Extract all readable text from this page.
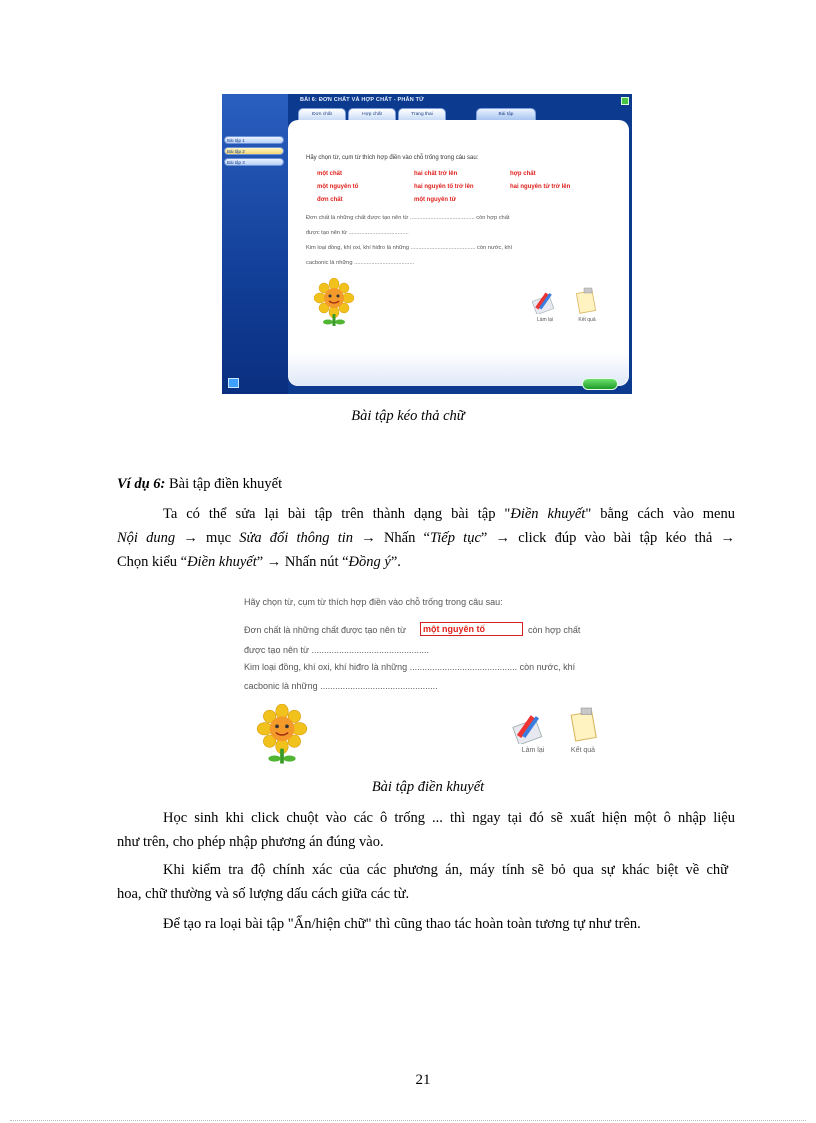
BÀI 6: ĐƠN CHẤT VÀ HỢP CHẤT - PHÂN TỬ
Bài tập 1
Bài tập 2
Bài tập 3
Đơn chất	Hợp chất	Trang thai	Bài tập
Hãy chọn từ, cụm từ thích hợp điền vào chỗ trống trong câu sau:
một chất	hai chất trở lên	hợp chất
một nguyên tố	hai nguyên tố trở lên	hai nguyên tử trở lên
đơn chất	một nguyên tử
Đơn chất là những chất được tạo nên từ ......................................... còn hợp chất
được tạo nên từ ......................................
Kim loại đồng, khí oxi, khí hiđro là những ......................................... còn nước, khí
cacbonic là những ......................................
Làm lại	Kết quả
Bài tập kéo thả chữ
Ví dụ 6: Bài tập điền khuyết
Ta có thể sửa lại bài tập trên thành dạng bài tập "Điền khuyết" bằng cách vào menu
Nội dung → mục Sửa đổi thông tin → Nhấn “Tiếp tục” → click đúp vào bài tập kéo thả →
Chọn kiểu “Điền khuyết” → Nhấn nút “Đồng ý”.
Hãy chọn từ, cụm từ thích hợp điền vào chỗ trống trong câu sau:
Đơn chất là những chất được tạo nên từ	một nguyên tố	còn hợp chất
được tạo nên từ ...............................................
Kim loại đồng, khí oxi, khí hiđro là những ........................................... còn nước, khí
cacbonic là những ...............................................
Làm lại	Kết quả
Bài tập điền khuyết
Học sinh khi click chuột vào các ô trống ... thì ngay tại đó sẽ xuất hiện một ô nhập liệu
như trên, cho phép nhập phương án đúng vào.
Khi kiểm tra độ chính xác của các phương án, máy tính sẽ bỏ qua sự khác biệt về chữ
hoa, chữ thường và số lượng dấu cách giữa các từ.
Để tạo ra loại bài tập "Ẩn/hiện chữ" thì cũng thao tác hoàn toàn tương tự như trên.
21
